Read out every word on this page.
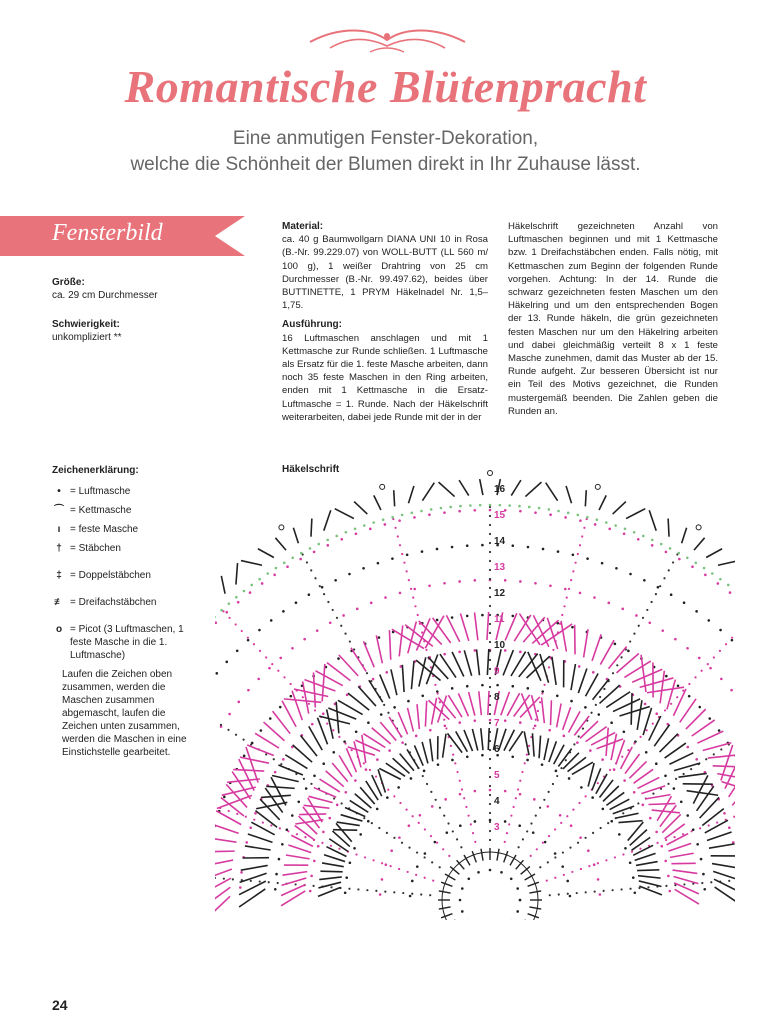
Romantische Blütenpracht
Eine anmutigen Fenster-Dekoration,
welche die Schönheit der Blumen direkt in Ihr Zuhause lässt.
Fensterbild
Größe:
ca. 29 cm Durchmesser
Schwierigkeit:
unkompliziert **
Material:

ca. 40 g Baumwollgarn DIANA UNI 10 in Rosa (B.-Nr. 99.229.07) von WOLL-BUTT (LL 560 m/ 100 g), 1 weißer Drahtring von 25 cm Durchmesser (B.-Nr. 99.497.62), beides über BUTTINETTE, 1 PRYM Häkelnadel Nr. 1,5–1,75.

Ausführung:

16 Luftmaschen anschlagen und mit 1 Kettmasche zur Runde schließen. 1 Luftmasche als Ersatz für die 1. feste Masche arbeiten, dann noch 35 feste Maschen in den Ring arbeiten, enden mit 1 Kettmasche in die Ersatz-Luftmasche = 1. Runde. Nach der Häkelschrift weiterarbeiten, dabei jede Runde mit der in der

Häkelschrift gezeichneten Anzahl von Luftmaschen beginnen und mit 1 Kettmasche bzw. 1 Dreifachstäbchen enden. Falls nötig, mit Kettmaschen zum Beginn der folgenden Runde vorgehen. Achtung: In der 14. Runde die schwarz gezeichneten festen Maschen um den Häkelring und um den entsprechenden Bogen der 13. Runde häkeln, die grün gezeichneten festen Maschen nur um den Häkelring arbeiten und dabei gleichmäßig verteilt 8 x 1 feste Masche zunehmen, damit das Muster ab der 15. Runde aufgeht. Zur besseren Übersicht ist nur ein Teil des Motivs gezeichnet, die Runden mustergemäß beenden. Die Zahlen geben die Runden an.

Zeichenerklärung:
• = Luftmasche
⌒ = Kettmasche
ı = feste Masche
† = Stäbchen
‡ = Doppelstäbchen
≢ = Dreifachstäbchen
o = Picot (3 Luftmaschen, 1 feste Masche in die 1. Luftmasche)
Laufen die Zeichen oben zusammen, werden die Maschen zusammen abgemascht, laufen die Zeichen unten zusammen, werden die Maschen in eine Einstichstelle gearbeitet.
Häkelschrift
3
4
5
6
7
8
9
10
11
12
13
14
15
16
24
